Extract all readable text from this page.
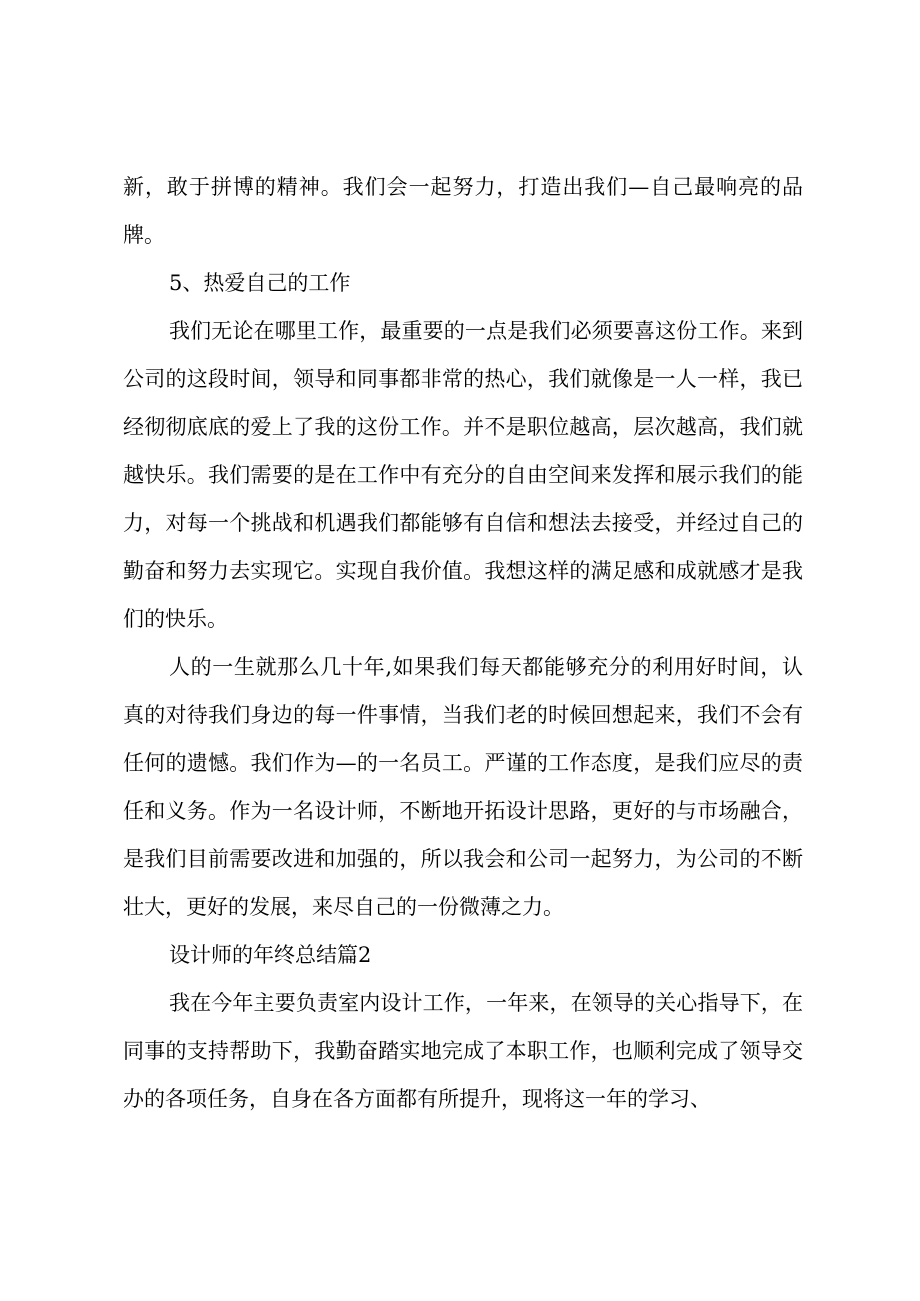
新，敢于拼博的精神。我们会一起努力，打造出我们—自己最响亮的品牌。

5、热爱自己的工作

我们无论在哪里工作，最重要的一点是我们必须要喜这份工作。来到公司的这段时间，领导和同事都非常的热心，我们就像是一人一样，我已经彻彻底底的爱上了我的这份工作。并不是职位越高，层次越高，我们就越快乐。我们需要的是在工作中有充分的自由空间来发挥和展示我们的能力，对每一个挑战和机遇我们都能够有自信和想法去接受，并经过自己的勤奋和努力去实现它。实现自我价值。我想这样的满足感和成就感才是我们的快乐。

人的一生就那么几十年,如果我们每天都能够充分的利用好时间，认真的对待我们身边的每一件事情，当我们老的时候回想起来，我们不会有任何的遗憾。我们作为—的一名员工。严谨的工作态度，是我们应尽的责任和义务。作为一名设计师，不断地开拓设计思路，更好的与市场融合，是我们目前需要改进和加强的，所以我会和公司一起努力，为公司的不断壮大，更好的发展，来尽自己的一份微薄之力。

设计师的年终总结篇2

我在今年主要负责室内设计工作，一年来，在领导的关心指导下，在同事的支持帮助下，我勤奋踏实地完成了本职工作，也顺利完成了领导交办的各项任务，自身在各方面都有所提升，现将这一年的学习、
